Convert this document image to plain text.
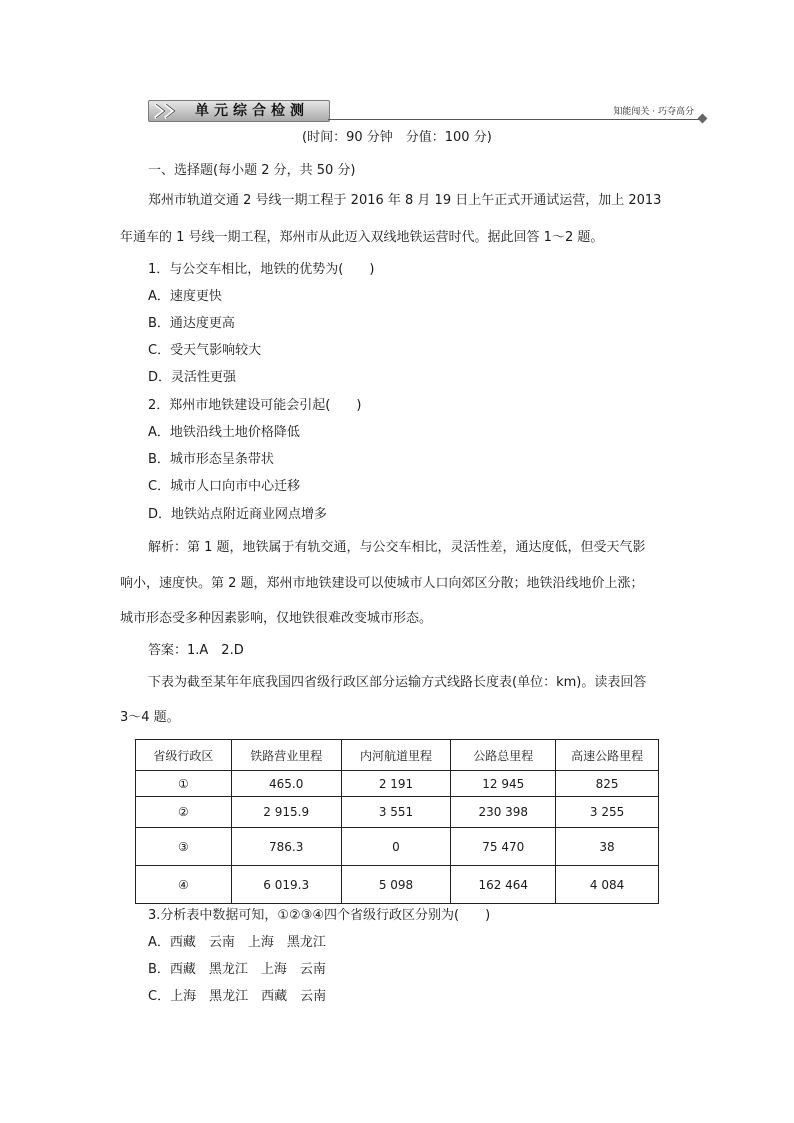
单元综合检测	知能闯关 · 巧夺高分
(时间：90 分钟　分值：100 分)
一、选择题(每小题 2 分，共 50 分)
郑州市轨道交通 2 号线一期工程于 2016 年 8 月 19 日上午正式开通试运营，加上 2013
年通车的 1 号线一期工程，郑州市从此迈入双线地铁运营时代。据此回答 1～2 题。
1．与公交车相比，地铁的优势为(　　)
A．速度更快
B．通达度更高
C．受天气影响较大
D．灵活性更强
2．郑州市地铁建设可能会引起(　　)
A．地铁沿线土地价格降低
B．城市形态呈条带状
C．城市人口向市中心迁移
D．地铁站点附近商业网点增多
解析：第 1 题，地铁属于有轨交通，与公交车相比，灵活性差，通达度低，但受天气影
响小，速度快。第 2 题，郑州市地铁建设可以使城市人口向郊区分散；地铁沿线地价上涨；
城市形态受多种因素影响，仅地铁很难改变城市形态。
答案：1.A　2.D
下表为截至某年年底我国四省级行政区部分运输方式线路长度表(单位：km)。读表回答
3～4 题。
省级行政区	铁路营业里程	内河航道里程	公路总里程	高速公路里程
①	465.0	2 191	12 945	825
②	2 915.9	3 551	230 398	3 255
③	786.3	0	75 470	38
④	6 019.3	5 098	162 464	4 084
3.分析表中数据可知，①②③④四个省级行政区分别为(　　)
A．西藏　云南　上海　黑龙江
B．西藏　黑龙江　上海　云南
C．上海　黑龙江　西藏　云南
